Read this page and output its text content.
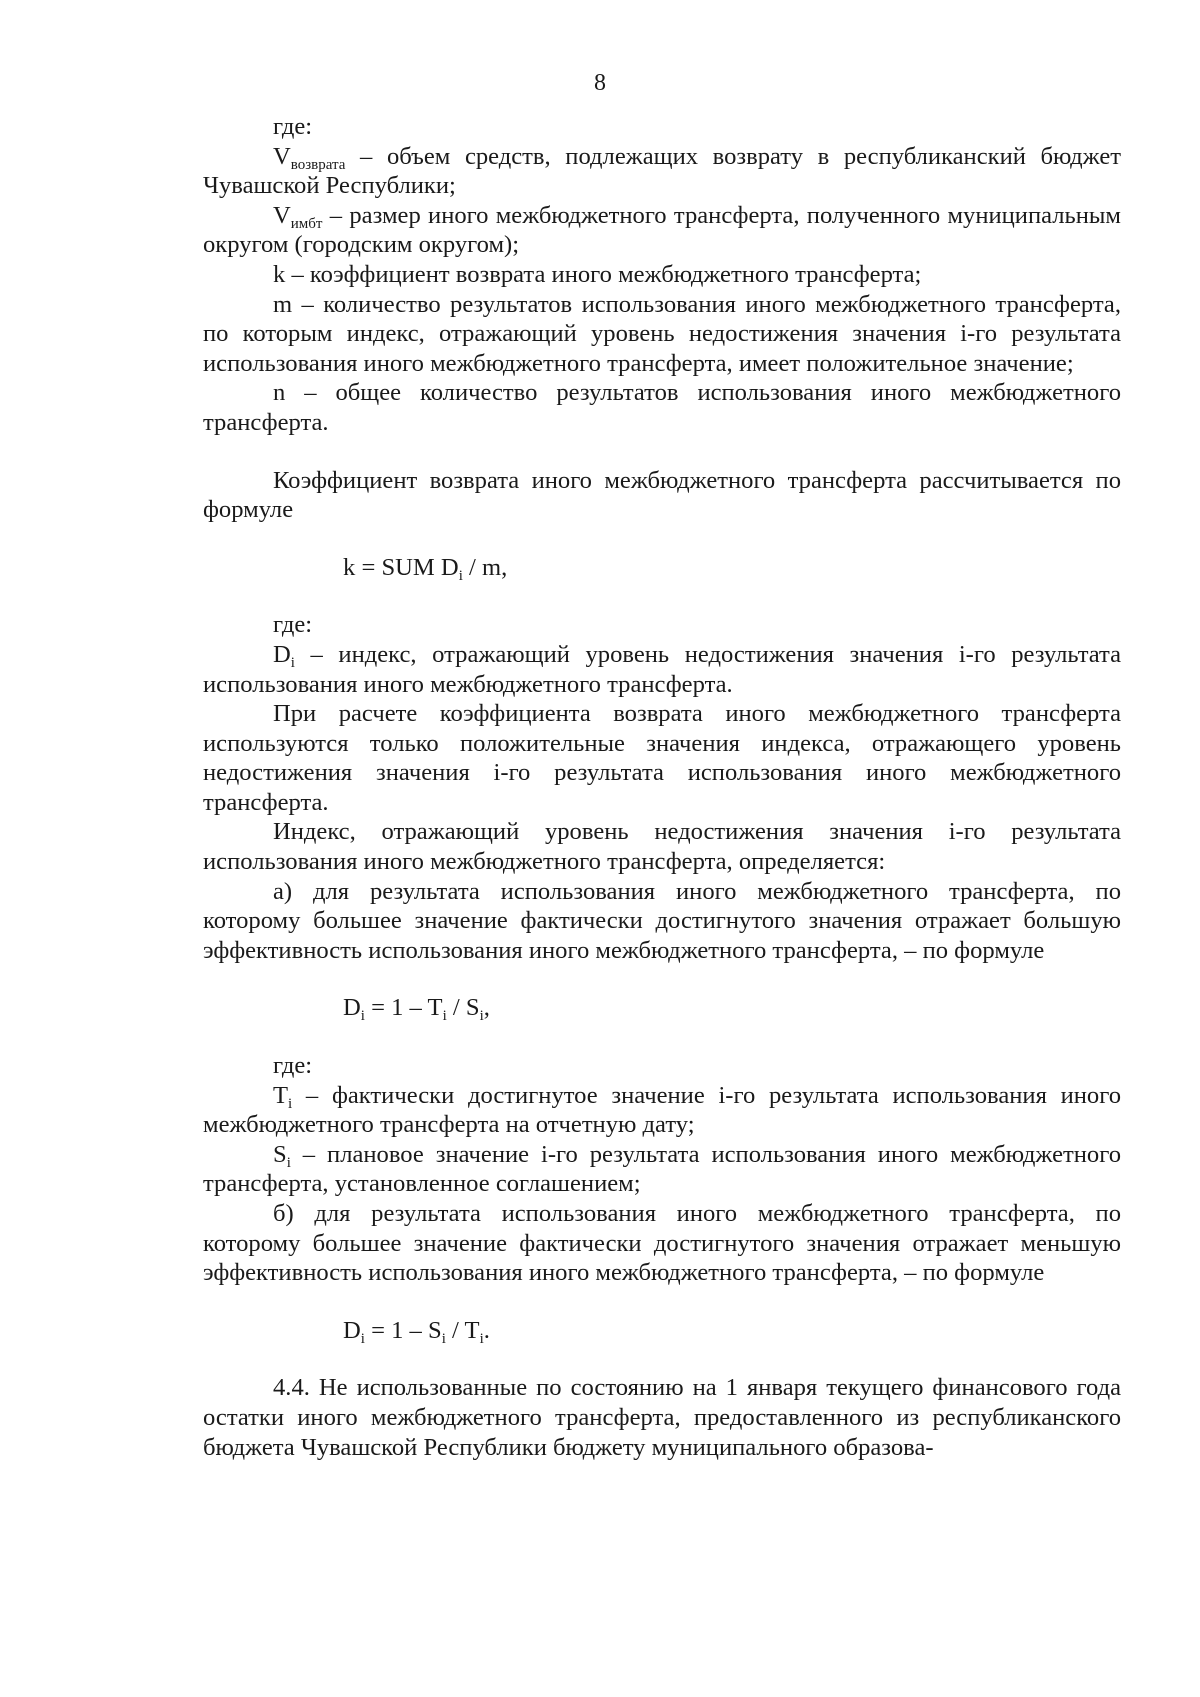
8

где:

$V_{возврата}$ – объем средств, подлежащих возврату в республиканский бюджет Чувашской Республики;

$V_{имбт}$ – размер иного межбюджетного трансферта, полученного муниципальным округом (городским округом);

k – коэффициент возврата иного межбюджетного трансферта;

m – количество результатов использования иного межбюджетного трансферта, по которым индекс, отражающий уровень недостижения значения i-го результата использования иного межбюджетного трансферта, имеет положительное значение;

n – общее количество результатов использования иного межбюджетного трансферта.

Коэффициент возврата иного межбюджетного трансферта рассчитывается по формуле

k = SUM $D_i$ / m,

где:

$D_i$ – индекс, отражающий уровень недостижения значения i-го результата использования иного межбюджетного трансферта.

При расчете коэффициента возврата иного межбюджетного трансферта используются только положительные значения индекса, отражающего уровень недостижения значения i-го результата использования иного межбюджетного трансферта.

Индекс, отражающий уровень недостижения значения i-го результата использования иного межбюджетного трансферта, определяется:

а) для результата использования иного межбюджетного трансферта, по которому большее значение фактически достигнутого значения отражает большую эффективность использования иного межбюджетного трансферта, – по формуле

$D_i = 1 - T_i / S_i$,

где:

$T_i$ – фактически достигнутое значение i-го результата использования иного межбюджетного трансферта на отчетную дату;

$S_i$ – плановое значение i-го результата использования иного межбюджетного трансферта, установленное соглашением;

б) для результата использования иного межбюджетного трансферта, по которому большее значение фактически достигнутого значения отражает меньшую эффективность использования иного межбюджетного трансферта, – по формуле

$D_i = 1 - S_i / T_i$.

4.4. Не использованные по состоянию на 1 января текущего финансового года остатки иного межбюджетного трансферта, предоставленного из республиканского бюджета Чувашской Республики бюджету муниципального образова-
